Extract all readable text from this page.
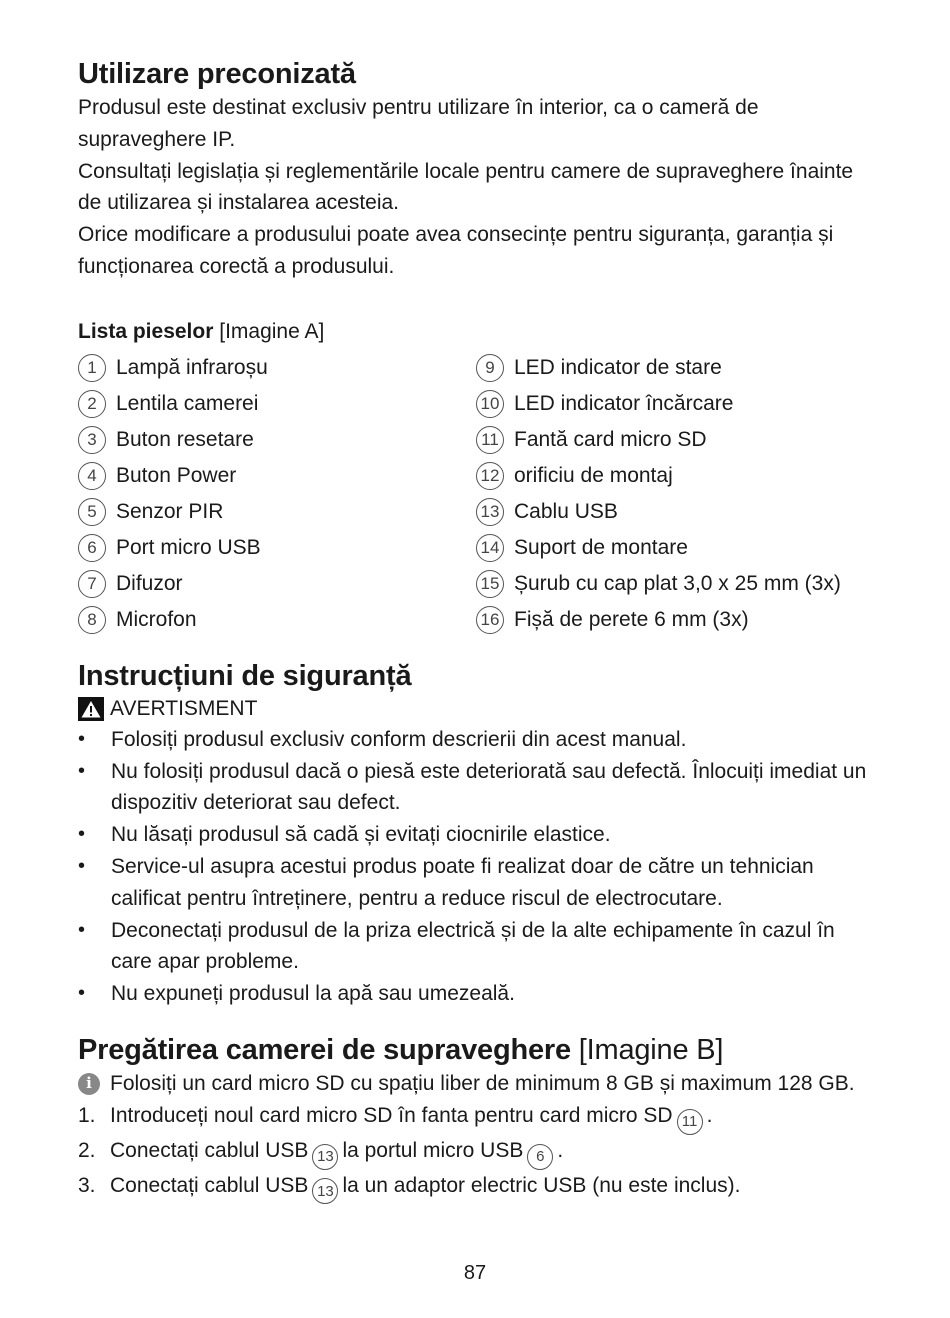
Utilizare preconizată

Produsul este destinat exclusiv pentru utilizare în interior, ca o cameră de supraveghere IP.

Consultați legislația și reglementările locale pentru camere de supraveghere înainte de utilizarea și instalarea acesteia.

Orice modificare a produsului poate avea consecințe pentru siguranța, garanția și funcționarea corectă a produsului.

Lista pieselor [Imagine A]
1 Lampă infraroșu
2 Lentila camerei
3 Buton resetare
4 Buton Power
5 Senzor PIR
6 Port micro USB
7 Difuzor
8 Microfon
9 LED indicator de stare
10 LED indicator încărcare
11 Fantă card micro SD
12 orificiu de montaj
13 Cablu USB
14 Suport de montare
15 Șurub cu cap plat 3,0 x 25 mm (3x)
16 Fișă de perete 6 mm (3x)
Instrucțiuni de siguranță
AVERTISMENT
• Folosiți produsul exclusiv conform descrierii din acest manual.
• Nu folosiți produsul dacă o piesă este deteriorată sau defectă. Înlocuiți imediat un dispozitiv deteriorat sau defect.
• Nu lăsați produsul să cadă și evitați ciocnirile elastice.
• Service-ul asupra acestui produs poate fi realizat doar de către un tehnician calificat pentru întreținere, pentru a reduce riscul de electrocutare.
• Deconectați produsul de la priza electrică și de la alte echipamente în cazul în care apar probleme.
• Nu expuneți produsul la apă sau umezeală.
Pregătirea camerei de supraveghere [Imagine B]
i Folosiți un card micro SD cu spațiu liber de minimum 8 GB și maximum 128 GB.
1. Introduceți noul card micro SD în fanta pentru card micro SD 11 .
2. Conectați cablul USB 13 la portul micro USB 6 .
3. Conectați cablul USB 13 la un adaptor electric USB (nu este inclus).
87
